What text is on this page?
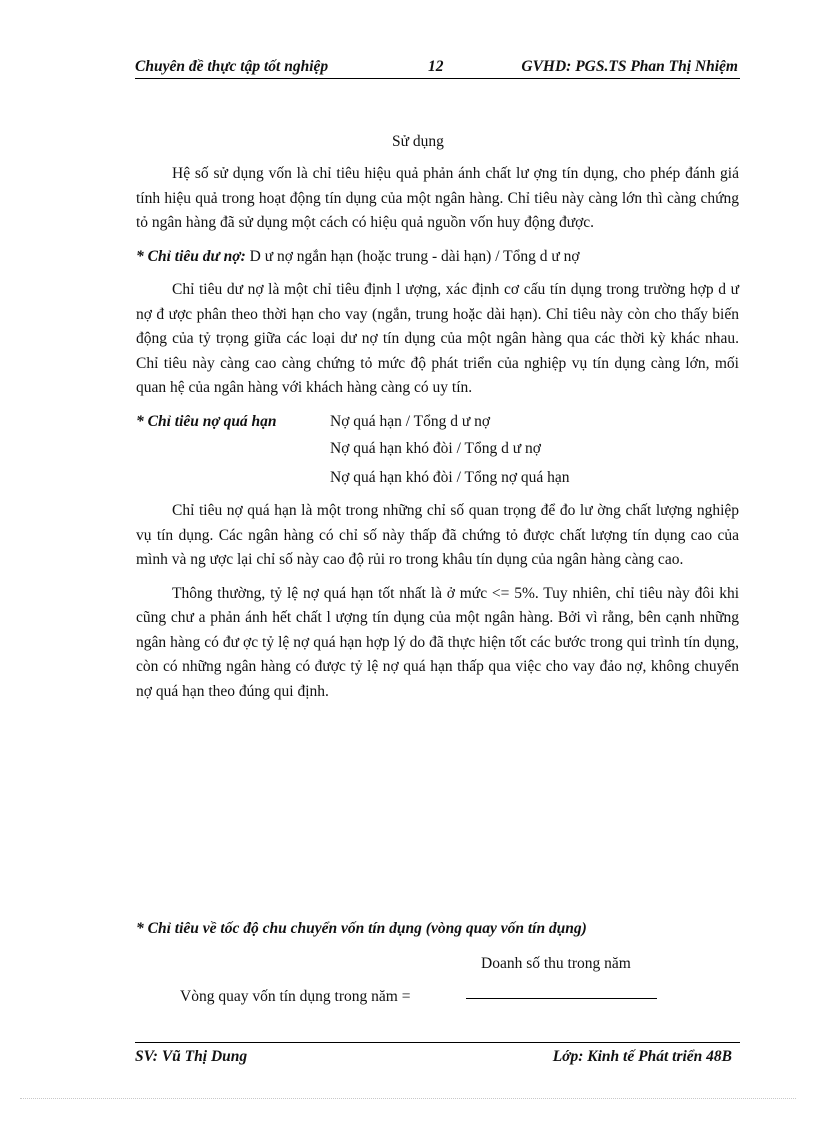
Chuyên đề thực tập tốt nghiệp	12	GVHD: PGS.TS Phan Thị Nhiệm
Sử dụng

Hệ số sử dụng vốn là chỉ tiêu hiệu quả phản ánh chất lư ợng tín dụng, cho phép đánh giá tính hiệu quả trong hoạt động tín dụng của một ngân hàng. Chỉ tiêu này càng lớn thì càng chứng tỏ ngân hàng đã sử dụng một cách có hiệu quả nguồn vốn huy động được.

* Chỉ tiêu dư nợ: D ư nợ ngắn hạn (hoặc trung - dài hạn) / Tổng d ư nợ

Chỉ tiêu dư nợ là một chỉ tiêu định l ượng, xác định cơ cấu tín dụng trong trường hợp d ư nợ đ ược phân theo thời hạn cho vay (ngắn, trung hoặc dài hạn). Chỉ tiêu này còn cho thấy biến động của tỷ trọng giữa các loại dư nợ tín dụng của một ngân hàng qua các thời kỳ khác nhau. Chỉ tiêu này càng cao càng chứng tỏ mức độ phát triển của nghiệp vụ tín dụng càng lớn, mối quan hệ của ngân hàng với khách hàng càng có uy tín.

* Chỉ tiêu nợ quá hạn	Nợ quá hạn / Tổng d ư nợ
Nợ quá hạn khó đòi / Tổng d ư nợ
Nợ quá hạn khó đòi / Tổng nợ quá hạn

Chỉ tiêu nợ quá hạn là một trong những chỉ số quan trọng để đo lư ờng chất lượng nghiệp vụ tín dụng. Các ngân hàng có chỉ số này thấp đã chứng tỏ được chất lượng tín dụng cao của mình và ng ược lại chỉ số này cao độ rủi ro trong khâu tín dụng của ngân hàng càng cao.

Thông thường, tỷ lệ nợ quá hạn tốt nhất là ở mức <= 5%. Tuy nhiên, chỉ tiêu này đôi khi cũng chư a phản ánh hết chất l ượng tín dụng của một ngân hàng. Bởi vì rằng, bên cạnh những ngân hàng có đư ợc tỷ lệ nợ quá hạn hợp lý do đã thực hiện tốt các bước trong qui trình tín dụng, còn có những ngân hàng có được tỷ lệ nợ quá hạn thấp qua việc cho vay đảo nợ, không chuyển nợ quá hạn theo đúng qui định.

* Chỉ tiêu về tốc độ chu chuyển vốn tín dụng (vòng quay vốn tín dụng)
Doanh số thu trong năm
Vòng quay vốn tín dụng trong năm =
SV: Vũ Thị Dung	Lớp: Kinh tế Phát triển 48B
